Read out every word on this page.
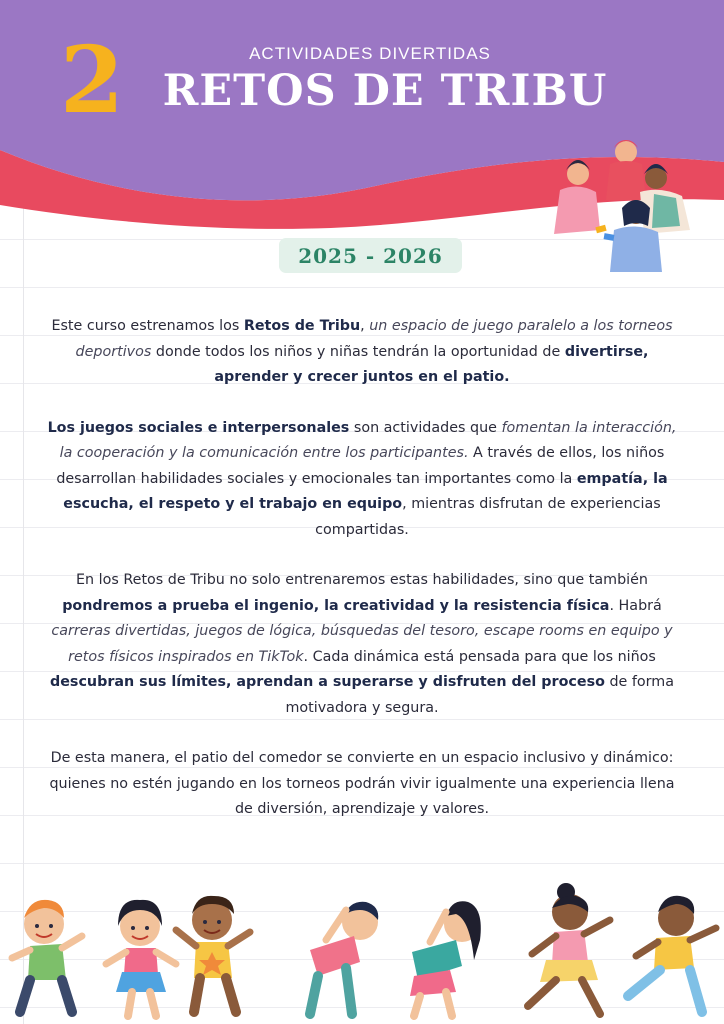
2	ACTIVIDADES DIVERTIDAS
RETOS DE TRIBU
2025 - 2026

Este curso estrenamos los Retos de Tribu, un espacio de juego paralelo a los torneos deportivos donde todos los niños y niñas tendrán la oportunidad de divertirse, aprender y crecer juntos en el patio.

Los juegos sociales e interpersonales son actividades que fomentan la interacción, la cooperación y la comunicación entre los participantes. A través de ellos, los niños desarrollan habilidades sociales y emocionales tan importantes como la empatía, la escucha, el respeto y el trabajo en equipo, mientras disfrutan de experiencias compartidas.

En los Retos de Tribu no solo entrenaremos estas habilidades, sino que también pondremos a prueba el ingenio, la creatividad y la resistencia física. Habrá carreras divertidas, juegos de lógica, búsquedas del tesoro, escape rooms en equipo y retos físicos inspirados en TikTok. Cada dinámica está pensada para que los niños descubran sus límites, aprendan a superarse y disfruten del proceso de forma motivadora y segura.

De esta manera, el patio del comedor se convierte en un espacio inclusivo y dinámico: quienes no estén jugando en los torneos podrán vivir igualmente una experiencia llena de diversión, aprendizaje y valores.
